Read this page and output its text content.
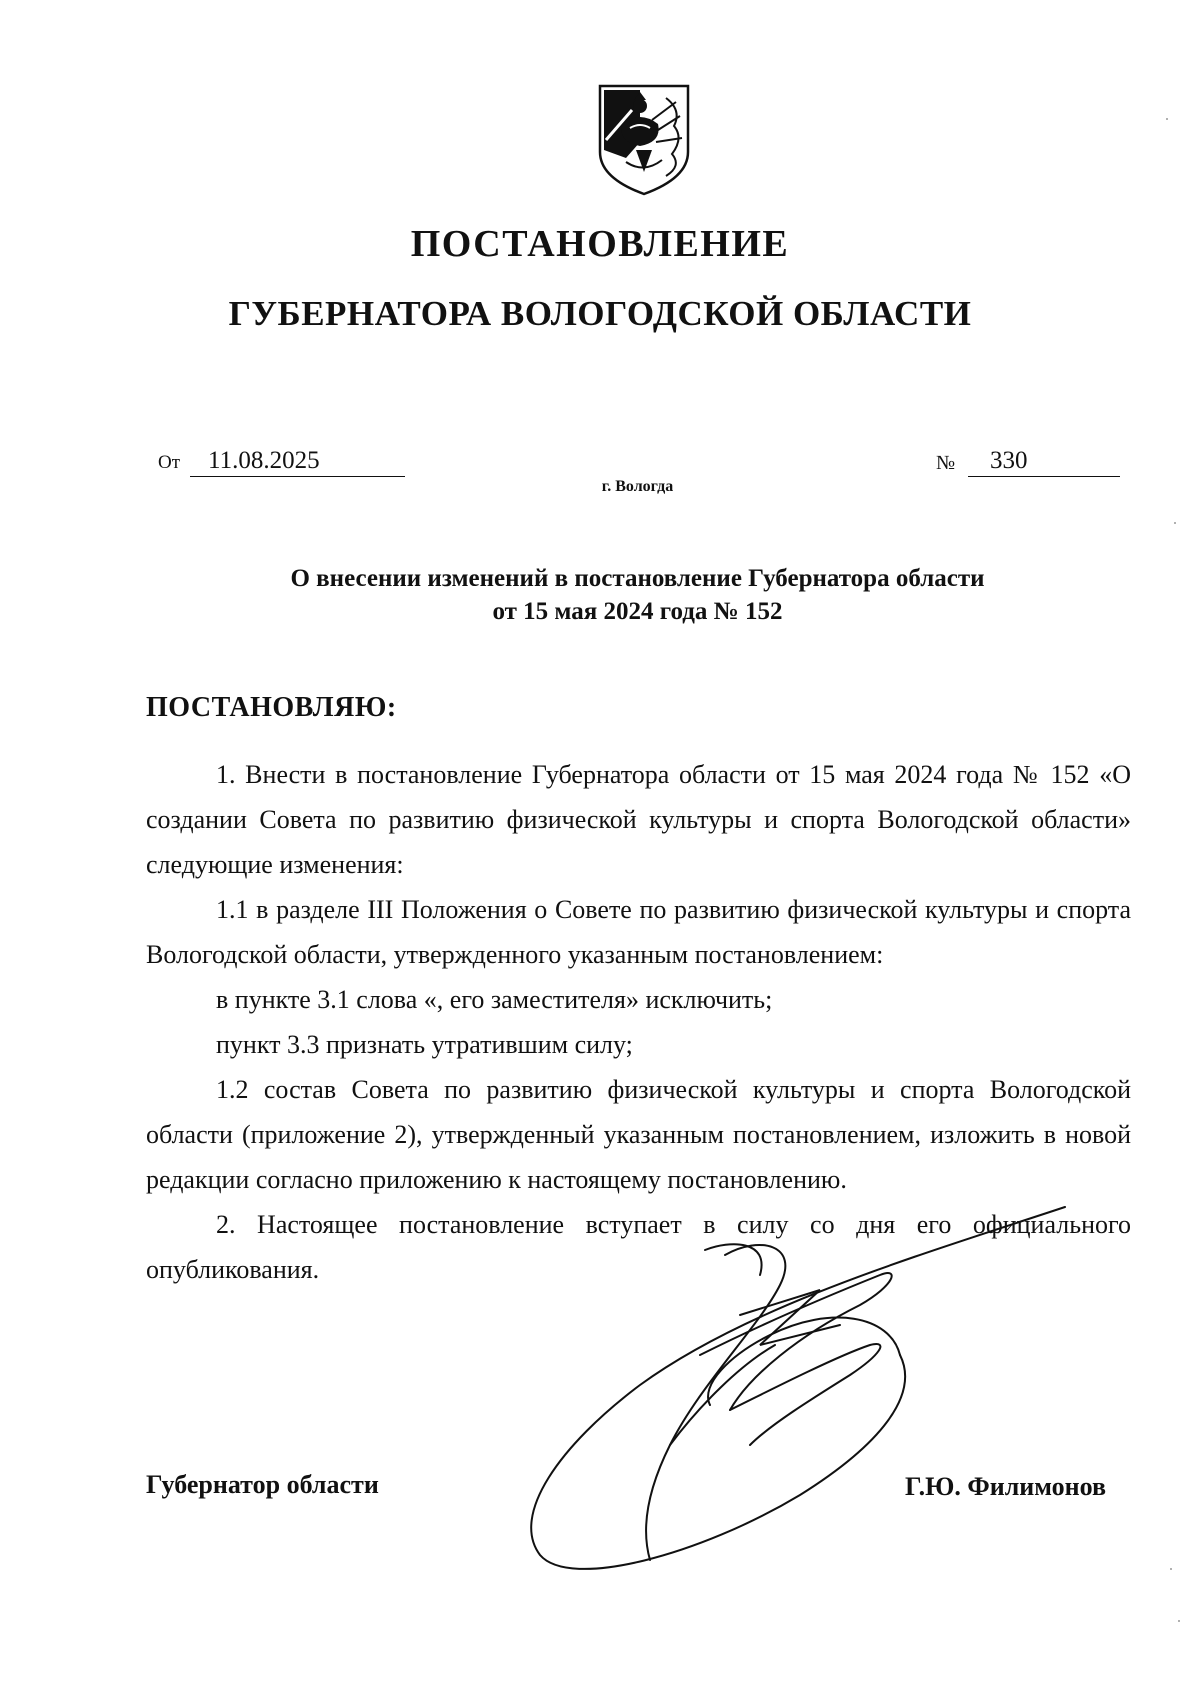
ПОСТАНОВЛЕНИЕ
ГУБЕРНАТОРА ВОЛОГОДСКОЙ ОБЛАСТИ
От	11.08.2025	№	330
г. Вологда
О внесении изменений в постановление Губернатора области
от 15 мая 2024 года № 152
ПОСТАНОВЛЯЮ:

1. Внести в постановление Губернатора области от 15 мая 2024 года № 152 «О создании Совета по развитию физической культуры и спорта Вологодской области» следующие изменения:

1.1 в разделе III Положения о Совете по развитию физической культуры и спорта Вологодской области, утвержденного указанным постановлением:

в пункте 3.1 слова «, его заместителя» исключить;

пункт 3.3 признать утратившим силу;

1.2 состав Совета по развитию физической культуры и спорта Вологодской области (приложение 2), утвержденный указанным постановлением, изложить в новой редакции согласно приложению к настоящему постановлению.

2. Настоящее постановление вступает в силу со дня его официального опубликования.

Губернатор области	Г.Ю. Филимонов
